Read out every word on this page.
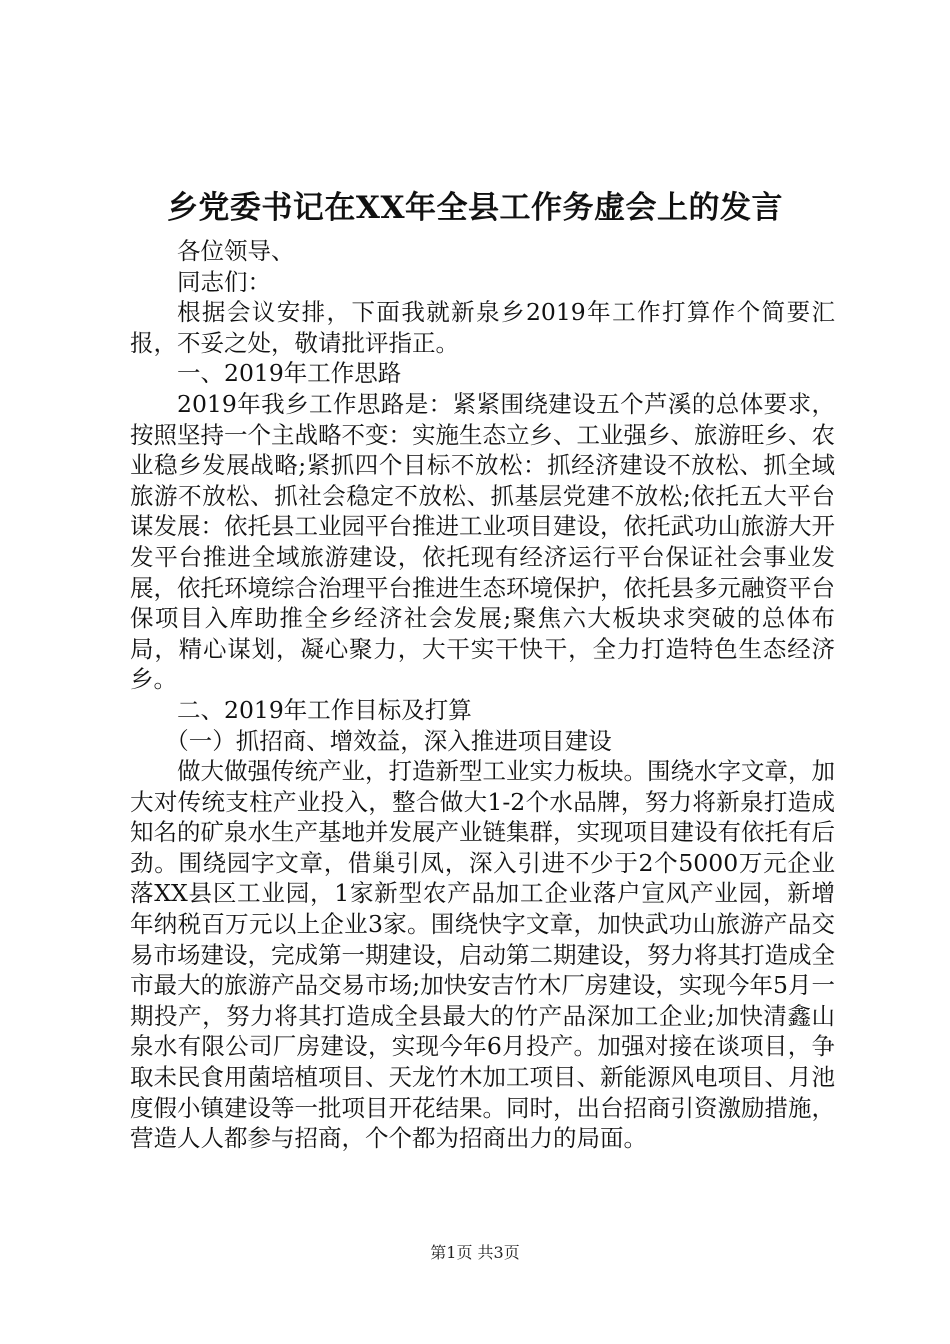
乡党委书记在XX年全县工作务虚会上的发言

各位领导、

同志们：

根据会议安排，下面我就新泉乡2019年工作打算作个简要汇报，不妥之处，敬请批评指正。

一、2019年工作思路

2019年我乡工作思路是：紧紧围绕建设五个芦溪的总体要求，按照坚持一个主战略不变：实施生态立乡、工业强乡、旅游旺乡、农业稳乡发展战略;紧抓四个目标不放松：抓经济建设不放松、抓全域旅游不放松、抓社会稳定不放松、抓基层党建不放松;依托五大平台谋发展：依托县工业园平台推进工业项目建设，依托武功山旅游大开发平台推进全域旅游建设，依托现有经济运行平台保证社会事业发展，依托环境综合治理平台推进生态环境保护，依托县多元融资平台保项目入库助推全乡经济社会发展;聚焦六大板块求突破的总体布局，精心谋划，凝心聚力，大干实干快干，全力打造特色生态经济乡。

二、2019年工作目标及打算

（一）抓招商、增效益，深入推进项目建设

做大做强传统产业，打造新型工业实力板块。围绕水字文章，加大对传统支柱产业投入，整合做大1-2个水品牌，努力将新泉打造成知名的矿泉水生产基地并发展产业链集群，实现项目建设有依托有后劲。围绕园字文章，借巢引凤，深入引进不少于2个5000万元企业落XX县区工业园，1家新型农产品加工企业落户宣风产业园，新增年纳税百万元以上企业3家。围绕快字文章，加快武功山旅游产品交易市场建设，完成第一期建设，启动第二期建设，努力将其打造成全市最大的旅游产品交易市场;加快安吉竹木厂房建设，实现今年5月一期投产，努力将其打造成全县最大的竹产品深加工企业;加快清鑫山泉水有限公司厂房建设，实现今年6月投产。加强对接在谈项目，争取未民食用菌培植项目、天龙竹木加工项目、新能源风电项目、月池度假小镇建设等一批项目开花结果。同时，出台招商引资激励措施，营造人人都参与招商，个个都为招商出力的局面。

第1页 共3页
